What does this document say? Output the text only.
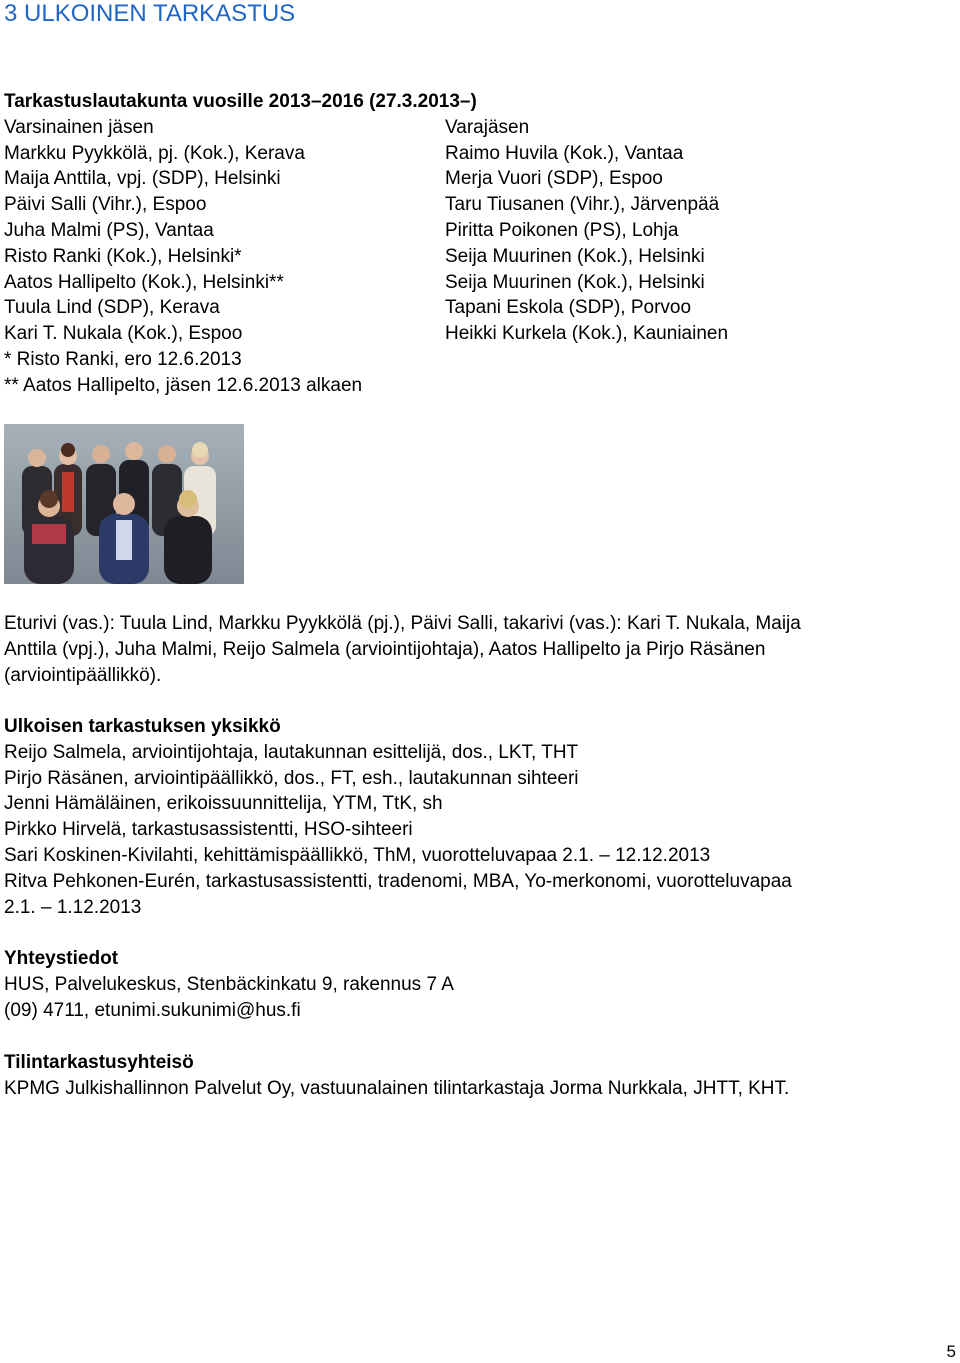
3 ULKOINEN TARKASTUS
Tarkastuslautakunta vuosille 2013–2016 (27.3.2013–)
Varsinainen jäsen	Varajäsen
Markku Pyykkölä, pj. (Kok.), Kerava	Raimo Huvila (Kok.), Vantaa
Maija Anttila, vpj. (SDP), Helsinki	Merja Vuori (SDP), Espoo
Päivi Salli (Vihr.), Espoo	Taru Tiusanen (Vihr.), Järvenpää
Juha Malmi (PS), Vantaa	Piritta Poikonen (PS), Lohja
Risto Ranki (Kok.), Helsinki*	Seija Muurinen (Kok.), Helsinki
Aatos Hallipelto (Kok.), Helsinki**	Seija Muurinen (Kok.), Helsinki
Tuula Lind (SDP), Kerava	Tapani Eskola (SDP), Porvoo
Kari T. Nukala (Kok.), Espoo	Heikki Kurkela (Kok.), Kauniainen
* Risto Ranki, ero 12.6.2013
** Aatos Hallipelto, jäsen 12.6.2013 alkaen
Eturivi (vas.): Tuula Lind, Markku Pyykkölä (pj.), Päivi Salli, takarivi (vas.): Kari T. Nukala, Maija
Anttila (vpj.), Juha Malmi, Reijo Salmela (arviointijohtaja), Aatos Hallipelto ja Pirjo Räsänen
(arviointipäällikkö).
Ulkoisen tarkastuksen yksikkö
Reijo Salmela, arviointijohtaja, lautakunnan esittelijä, dos., LKT, THT
Pirjo Räsänen, arviointipäällikkö, dos., FT, esh., lautakunnan sihteeri
Jenni Hämäläinen, erikoissuunnittelija, YTM, TtK, sh
Pirkko Hirvelä, tarkastusassistentti, HSO-sihteeri
Sari Koskinen-Kivilahti, kehittämispäällikkö, ThM, vuorotteluvapaa 2.1. – 12.12.2013
Ritva Pehkonen-Eurén, tarkastusassistentti, tradenomi, MBA, Yo-merkonomi, vuorotteluvapaa
2.1. – 1.12.2013
Yhteystiedot
HUS, Palvelukeskus, Stenbäckinkatu 9, rakennus 7 A
(09) 4711, etunimi.sukunimi@hus.fi
Tilintarkastusyhteisö
KPMG Julkishallinnon Palvelut Oy, vastuunalainen tilintarkastaja Jorma Nurkkala, JHTT, KHT.
5
